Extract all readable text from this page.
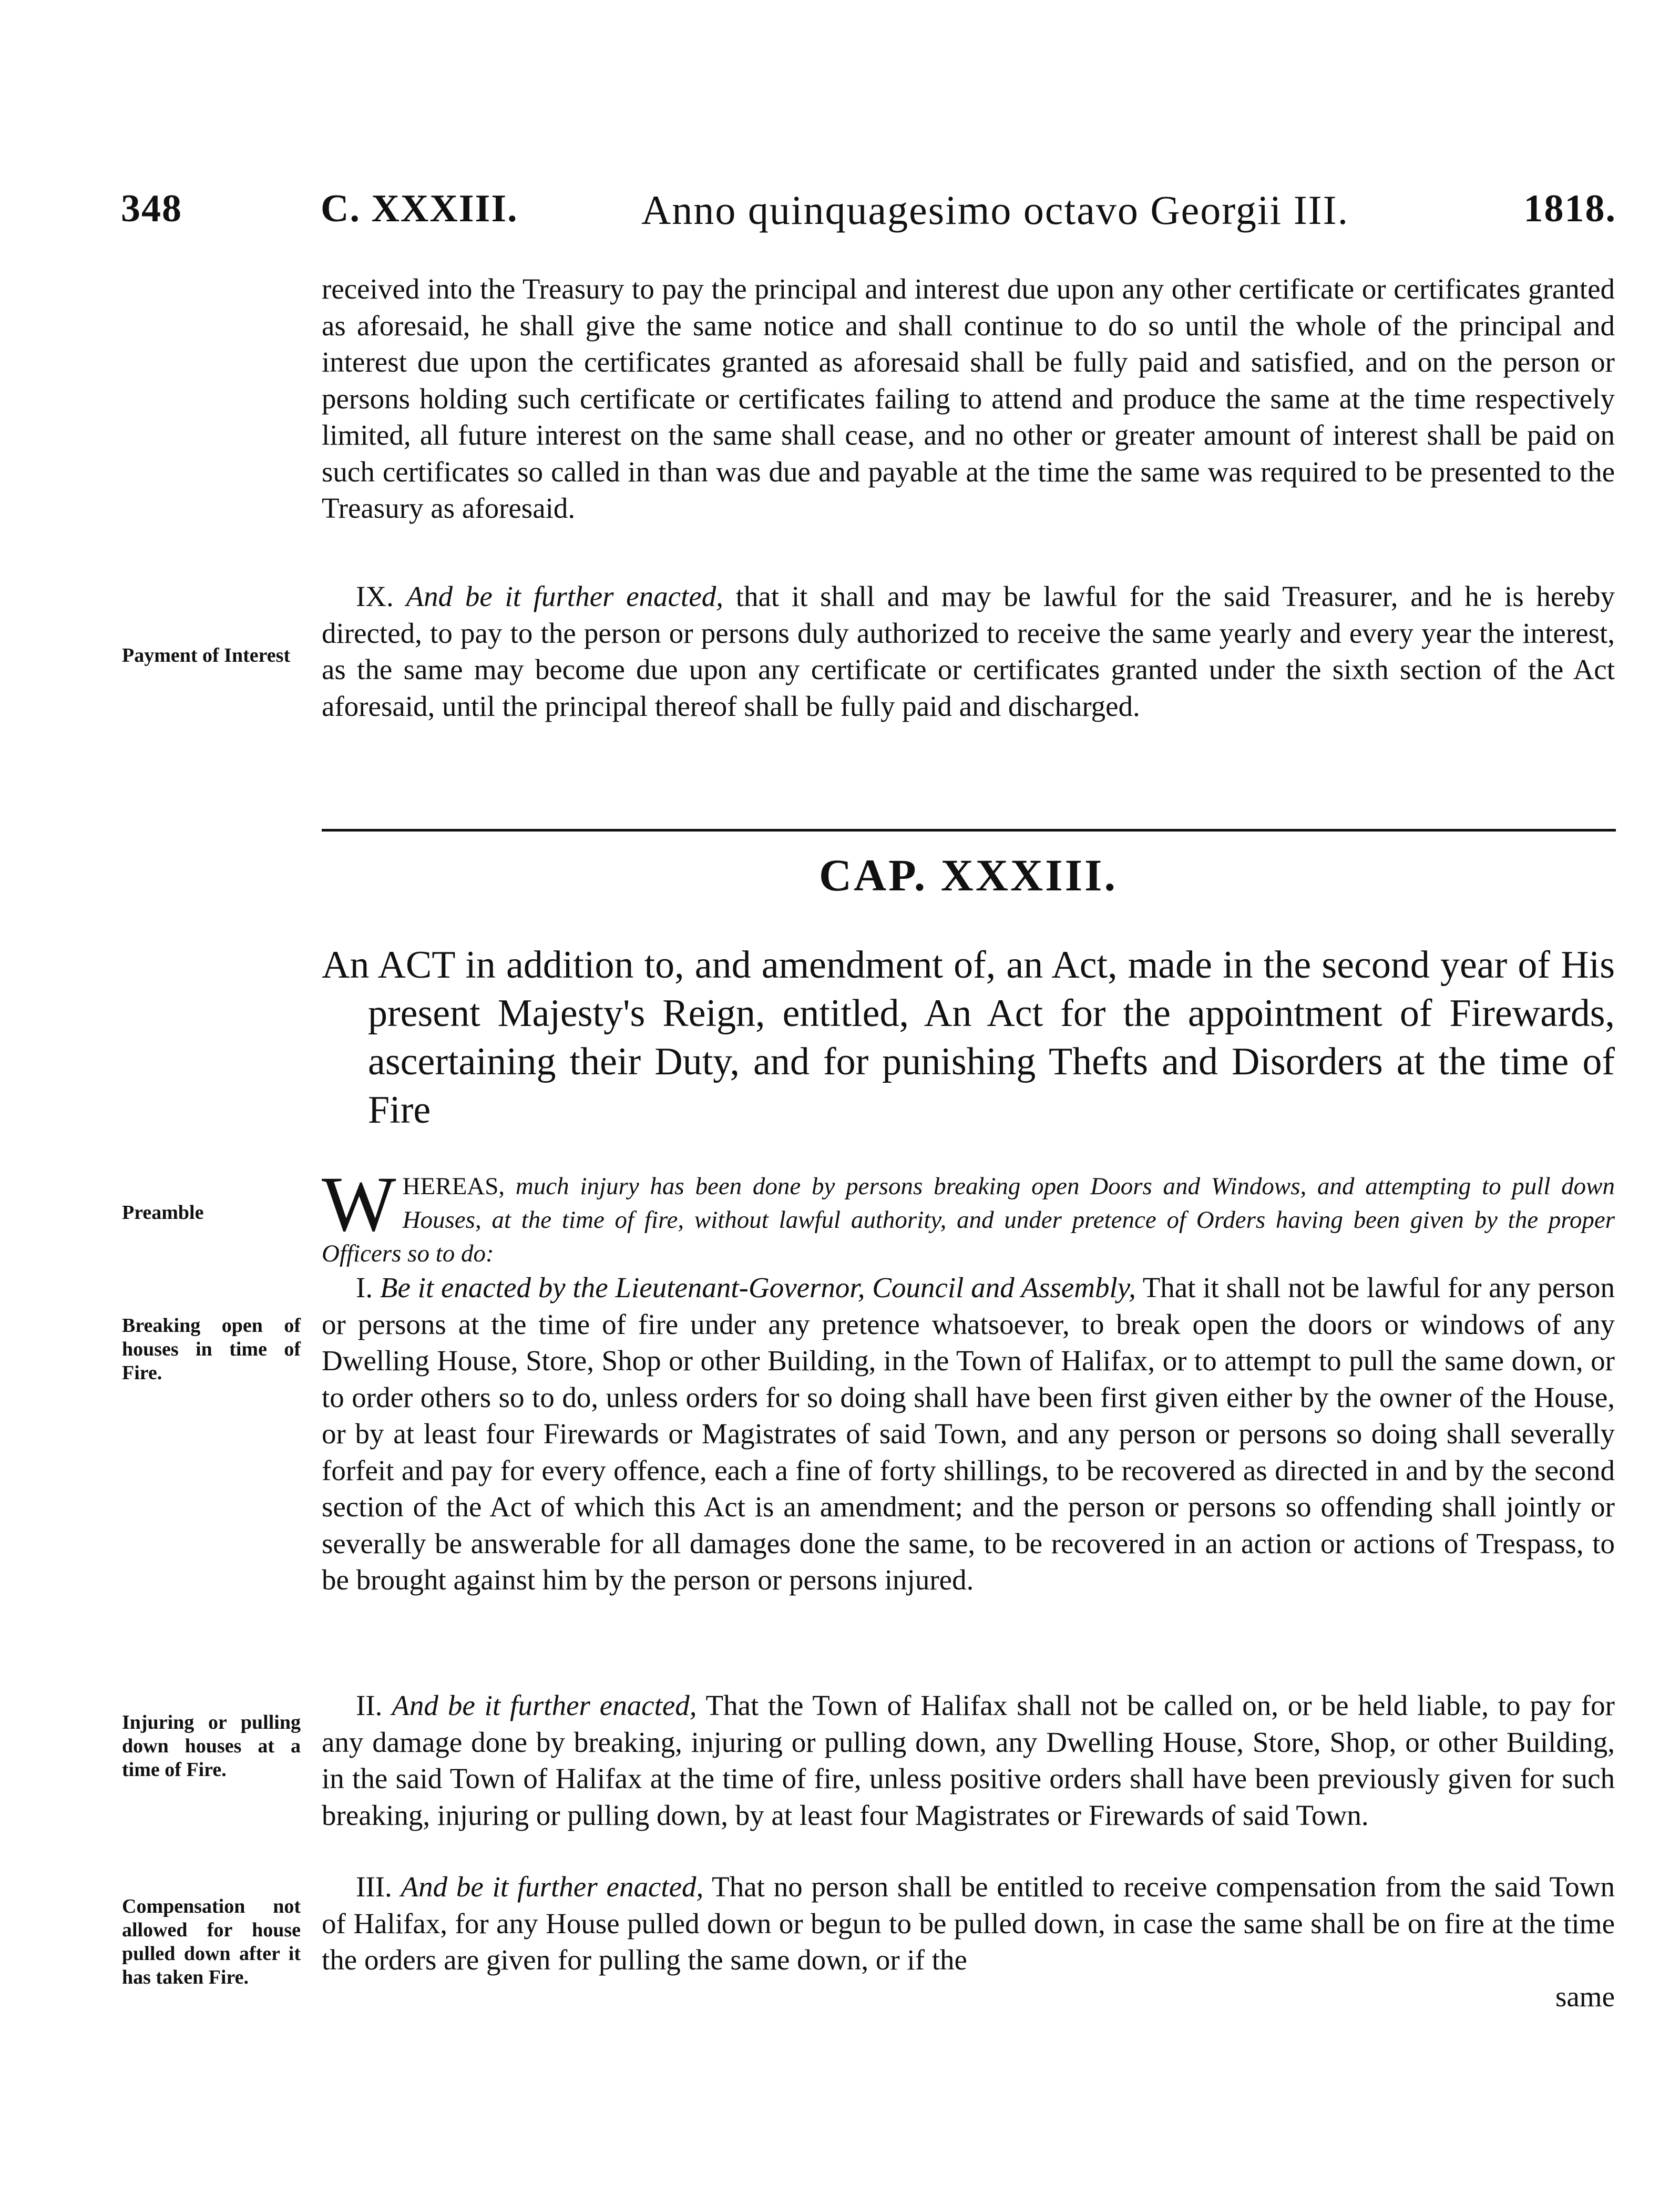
348	C. XXXIII.	Anno quinquagesimo octavo Georgii III.	1818.

received into the Treasury to pay the principal and interest due upon any other certificate or certificates granted as aforesaid, he shall give the same notice and shall continue to do so until the whole of the principal and interest due upon the certificates granted as aforesaid shall be fully paid and satisfied, and on the person or persons holding such certificate or certificates failing to attend and produce the same at the time respectively limited, all future interest on the same shall cease, and no other or greater amount of interest shall be paid on such certificates so called in than was due and payable at the time the same was required to be presented to the Treasury as aforesaid.

IX. And be it further enacted, that it shall and may be lawful for the said Treasurer, and he is hereby directed, to pay to the person or persons duly authorized to receive the same yearly and every year the interest, as the same may become due upon any certificate or certificates granted under the sixth section of the Act aforesaid, until the principal thereof shall be fully paid and discharged.

Payment of Interest
CAP. XXXIII.
An ACT in addition to, and amendment of, an Act, made in the second year of His present Majesty's Reign, entitled, An Act for the appointment of Firewards, ascertaining their Duty, and for punishing Thefts and Disorders at the time of Fire
Preamble	WHEREAS, much injury has been done by persons breaking open Doors and Windows, and attempting to pull down Houses, at the time of fire, without lawful authority, and under pretence of Orders having been given by the proper Officers so to do:

I. Be it enacted by the Lieutenant-Governor, Council and Assembly, That it shall not be lawful for any person or persons at the time of fire under any pretence whatsoever, to break open the doors or windows of any Dwelling House, Store, Shop or other Building, in the Town of Halifax, or to attempt to pull the same down, or to order others so to do, unless orders for so doing shall have been first given either by the owner of the House, or by at least four Firewards or Magistrates of said Town, and any person or persons so doing shall severally forfeit and pay for every offence, each a fine of forty shillings, to be recovered as directed in and by the second section of the Act of which this Act is an amendment; and the person or persons so offending shall jointly or severally be answerable for all damages done the same, to be recovered in an action or actions of Trespass, to be brought against him by the person or persons injured.

Breaking open of houses in time of Fire.

II. And be it further enacted, That the Town of Halifax shall not be called on, or be held liable, to pay for any damage done by breaking, injuring or pulling down, any Dwelling House, Store, Shop, or other Building, in the said Town of Halifax at the time of fire, unless positive orders shall have been previously given for such breaking, injuring or pulling down, by at least four Magistrates or Firewards of said Town.

Injuring or pulling down houses at a time of Fire.

III. And be it further enacted, That no person shall be entitled to receive compensation from the said Town of Halifax, for any House pulled down or begun to be pulled down, in case the same shall be on fire at the time the orders are given for pulling the same down, or if the

same

Compensation not allowed for house pulled down after it has taken Fire.
